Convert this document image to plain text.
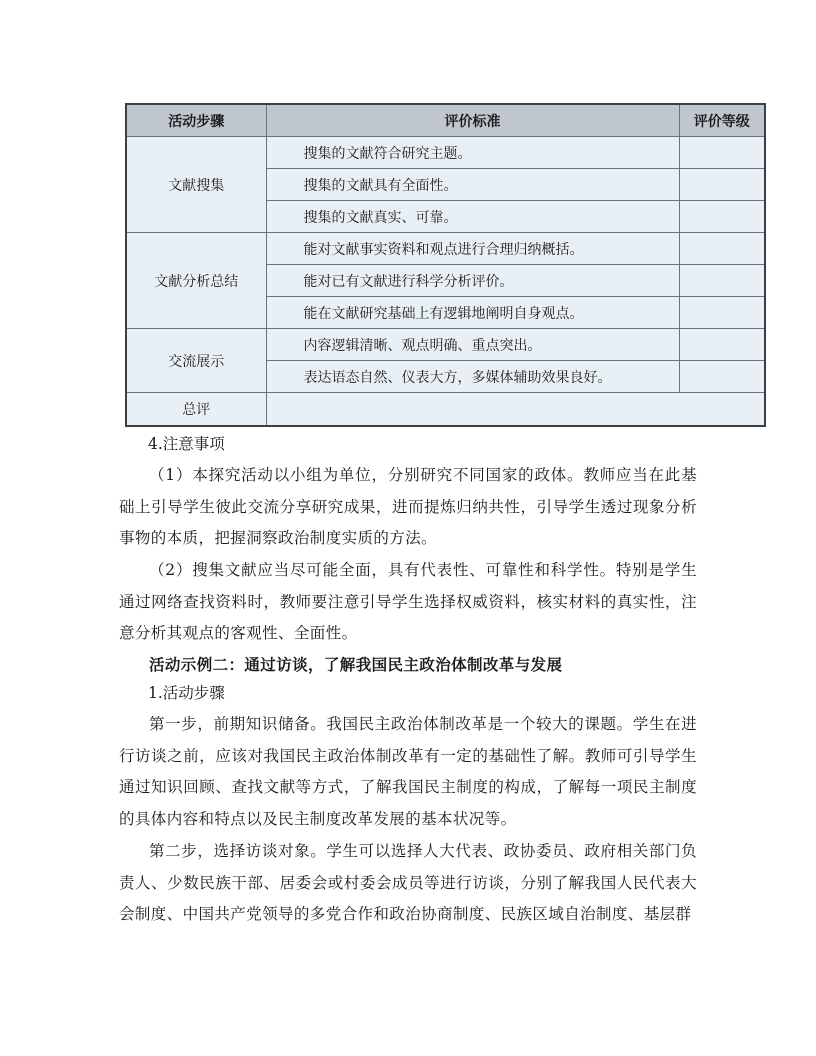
活动步骤	评价标准	评价等级
文献搜集	搜集的文献符合研究主题。	
	搜集的文献具有全面性。	
	搜集的文献真实、可靠。	
文献分析总结	能对文献事实资料和观点进行合理归纳概括。	
	能对已有文献进行科学分析评价。	
	能在文献研究基础上有逻辑地阐明自身观点。	
交流展示	内容逻辑清晰、观点明确、重点突出。	
	表达语态自然、仪表大方，多媒体辅助效果良好。	
总评		
4.注意事项
（1）本探究活动以小组为单位，分别研究不同国家的政体。教师应当在此基础上引导学生彼此交流分享研究成果，进而提炼归纳共性，引导学生透过现象分析事物的本质，把握洞察政治制度实质的方法。
（2）搜集文献应当尽可能全面，具有代表性、可靠性和科学性。特别是学生通过网络查找资料时，教师要注意引导学生选择权威资料，核实材料的真实性，注意分析其观点的客观性、全面性。
活动示例二：通过访谈，了解我国民主政治体制改革与发展
1.活动步骤
第一步，前期知识储备。我国民主政治体制改革是一个较大的课题。学生在进行访谈之前，应该对我国民主政治体制改革有一定的基础性了解。教师可引导学生通过知识回顾、查找文献等方式，了解我国民主制度的构成，了解每一项民主制度的具体内容和特点以及民主制度改革发展的基本状况等。
第二步，选择访谈对象。学生可以选择人大代表、政协委员、政府相关部门负责人、少数民族干部、居委会或村委会成员等进行访谈，分别了解我国人民代表大会制度、中国共产党领导的多党合作和政治协商制度、民族区域自治制度、基层群
